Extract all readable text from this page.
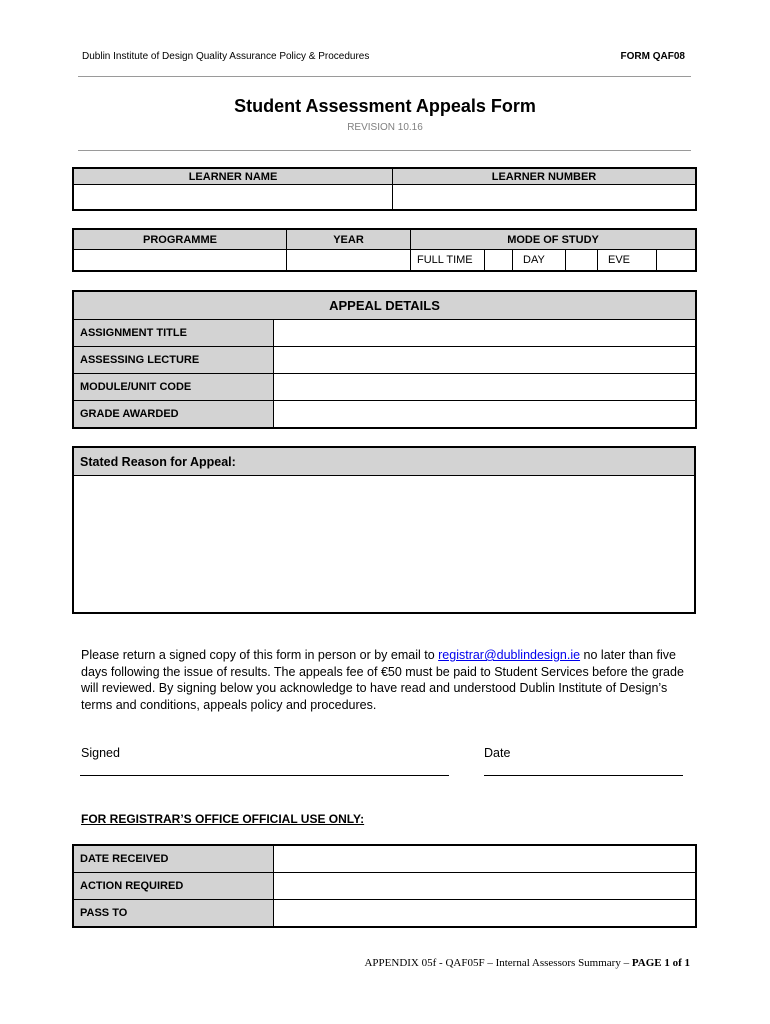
Dublin Institute of Design Quality Assurance Policy & Procedures	FORM QAF08
Student Assessment Appeals Form
REVISION 10.16
LEARNER NAME	LEARNER NUMBER

PROGRAMME	YEAR	MODE OF STUDY					
		FULL TIME		DAY		EVE	
APPEAL DETAILS	
ASSIGNMENT TITLE	
ASSESSING LECTURE	
MODULE/UNIT CODE	
GRADE AWARDED	
Stated Reason for Appeal:

Please return a signed copy of this form in person or by email to registrar@dublindesign.ie no later than five days following the issue of results. The appeals fee of €50 must be paid to Student Services before the grade will reviewed. By signing below you acknowledge to have read and understood Dublin Institute of Design’s terms and conditions, appeals policy and procedures.
Signed	Date
FOR REGISTRAR’S OFFICE OFFICIAL USE ONLY:
DATE RECEIVED	
ACTION REQUIRED	
PASS TO	
APPENDIX 05f - QAF05F – Internal Assessors Summary – PAGE 1 of 1
